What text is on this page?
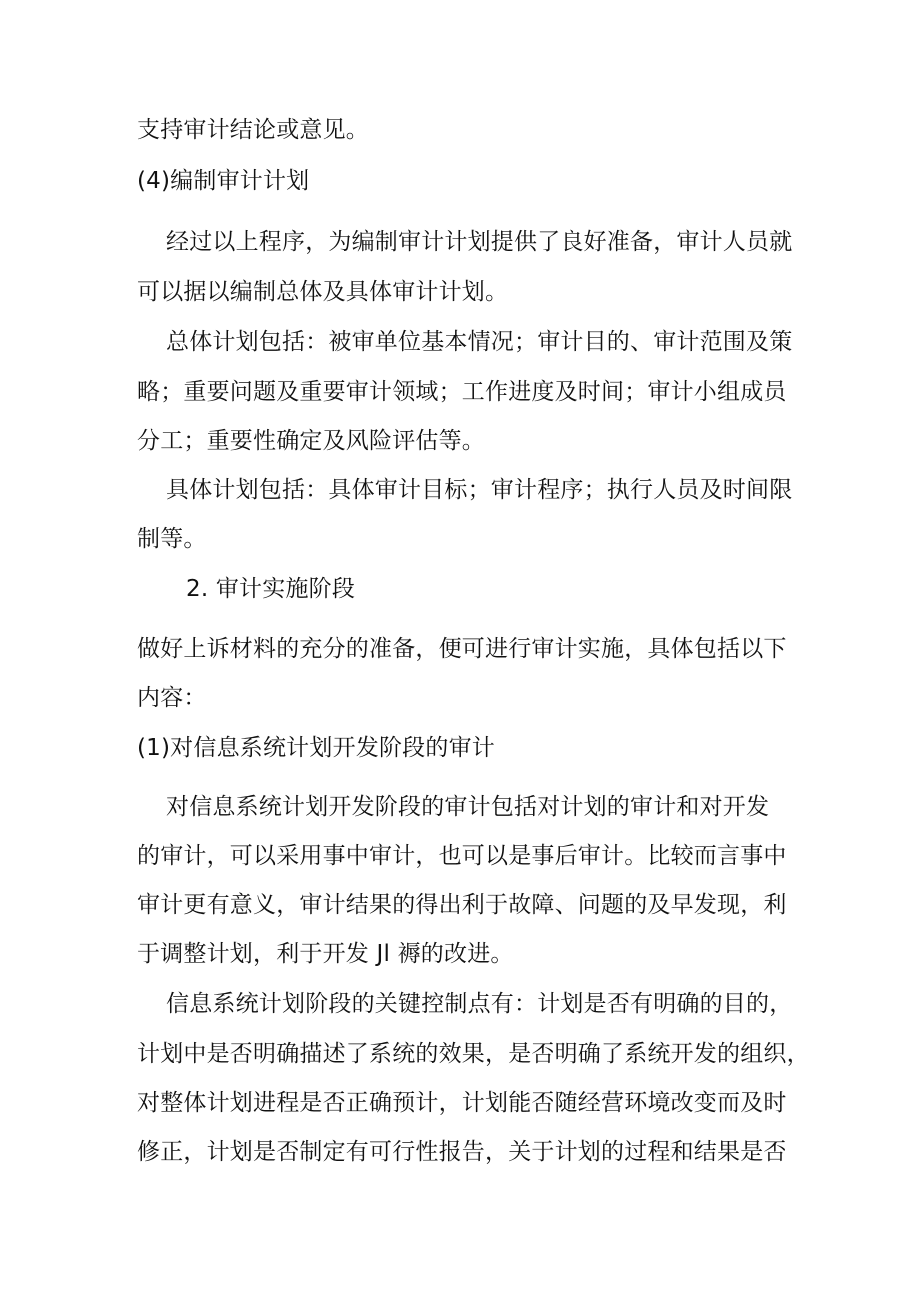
支持审计结论或意见。
(4)编制审计计划
经过以上程序，为编制审计计划提供了良好准备，审计人员就
可以据以编制总体及具体审计计划。
总体计划包括：被审单位基本情况；审计目的、审计范围及策
略；重要问题及重要审计领域；工作进度及时间；审计小组成员
分工；重要性确定及风险评估等。
具体计划包括：具体审计目标；审计程序；执行人员及时间限
制等。
2. 审计实施阶段
做好上诉材料的充分的准备，便可进行审计实施，具体包括以下
内容：
(1)对信息系统计划开发阶段的审计
对信息系统计划开发阶段的审计包括对计划的审计和对开发
的审计，可以采用事中审计，也可以是事后审计。比较而言事中
审计更有意义，审计结果的得出利于故障、问题的及早发现，利
于调整计划，利于开发 Jl 褥的改进。
信息系统计划阶段的关键控制点有：计划是否有明确的目的，
计划中是否明确描述了系统的效果，是否明确了系统开发的组织，
对整体计划进程是否正确预计，计划能否随经营环境改变而及时
修正，计划是否制定有可行性报告，关于计划的过程和结果是否
